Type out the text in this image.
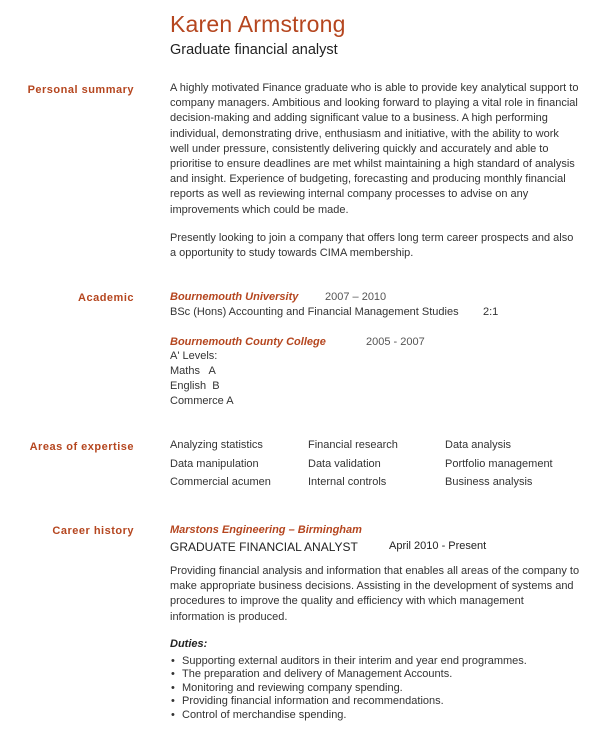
Karen Armstrong
Graduate financial analyst
Personal summary	A highly motivated Finance graduate who is able to provide key analytical support to company managers. Ambitious and looking forward to playing a vital role in financial decision-making and adding significant value to a business. A high performing individual, demonstrating drive, enthusiasm and initiative, with the ability to work well under pressure, consistently delivering quickly and accurately and able to prioritise to ensure deadlines are met whilst maintaining a high standard of analysis and insight. Experience of budgeting, forecasting and producing monthly financial reports as well as reviewing internal company processes to advise on any improvements which could be made.
Presently looking to join a company that offers long term career prospects and also a opportunity to study towards CIMA membership.
Academic	Bournemouth University 2007 – 2010
BSc (Hons) Accounting and Financial Management Studies 2:1
Bournemouth County College	2005 - 2007
A' Levels:
Maths   A
English  B
Commerce A
Areas of expertise	Analyzing statistics	Financial research	Data analysis
Data manipulation	Data validation	Portfolio management
Commercial acumen	Internal controls	Business analysis
Career history	Marstons Engineering – Birmingham
GRADUATE FINANCIAL ANALYST	April 2010 - Present
Providing financial analysis and information that enables all areas of the company to make appropriate business decisions. Assisting in the development of systems and procedures to improve the quality and efficiency with which management information is produced.
Duties:
• Supporting external auditors in their interim and year end programmes.
• The preparation and delivery of Management Accounts.
• Monitoring and reviewing company spending.
• Providing financial information and recommendations.
• Control of merchandise spending.
